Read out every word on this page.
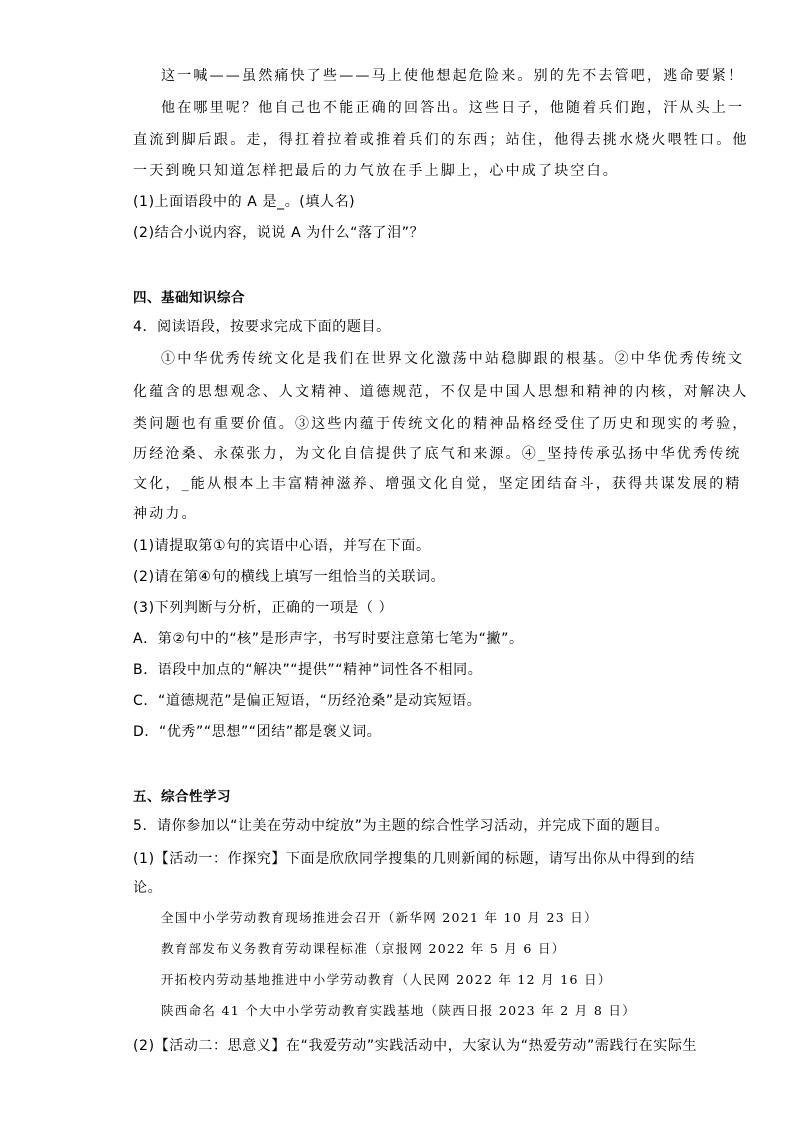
这一喊——虽然痛快了些——马上使他想起危险来。别的先不去管吧，逃命要紧！
他在哪里呢？他自己也不能正确的回答出。这些日子，他随着兵们跑，汗从头上一
直流到脚后跟。走，得扛着拉着或推着兵们的东西；站住，他得去挑水烧火喂牲口。他
一天到晚只知道怎样把最后的力气放在手上脚上，心中成了块空白。
(1)上面语段中的 A 是_。(填人名)
(2)结合小说内容，说说 A 为什么“落了泪”？
四、基础知识综合
4．阅读语段，按要求完成下面的题目。
①中华优秀传统文化是我们在世界文化激荡中站稳脚跟的根基。②中华优秀传统文
化蕴含的思想观念、人文精神、道德规范，不仅是中国人思想和精神的内核，对解决人
类问题也有重要价值。③这些内蕴于传统文化的精神品格经受住了历史和现实的考验，
历经沧桑、永葆张力，为文化自信提供了底气和来源。④_坚持传承弘扬中华优秀传统
文化，_能从根本上丰富精神滋养、增强文化自觉，坚定团结奋斗，获得共谋发展的精
神动力。
(1)请提取第①句的宾语中心语，并写在下面。
(2)请在第④句的横线上填写一组恰当的关联词。
(3)下列判断与分析，正确的一项是（ ）
A．第②句中的“核”是形声字，书写时要注意第七笔为“撇”。
B．语段中加点的“解决”“提供”“精神”词性各不相同。
C．“道德规范”是偏正短语，“历经沧桑”是动宾短语。
D．“优秀”“思想”“团结”都是褒义词。
五、综合性学习
5．请你参加以“让美在劳动中绽放”为主题的综合性学习活动，并完成下面的题目。
(1)【活动一：作探究】下面是欣欣同学搜集的几则新闻的标题，请写出你从中得到的结
论。
全国中小学劳动教育现场推进会召开（新华网 2021 年 10 月 23 日）
教育部发布义务教育劳动课程标准（京报网 2022 年 5 月 6 日）
开拓校内劳动基地推进中小学劳动教育（人民网 2022 年 12 月 16 日）
陕西命名 41 个大中小学劳动教育实践基地（陕西日报 2023 年 2 月 8 日）
(2)【活动二：思意义】在“我爱劳动”实践活动中，大家认为“热爱劳动”需践行在实际生
